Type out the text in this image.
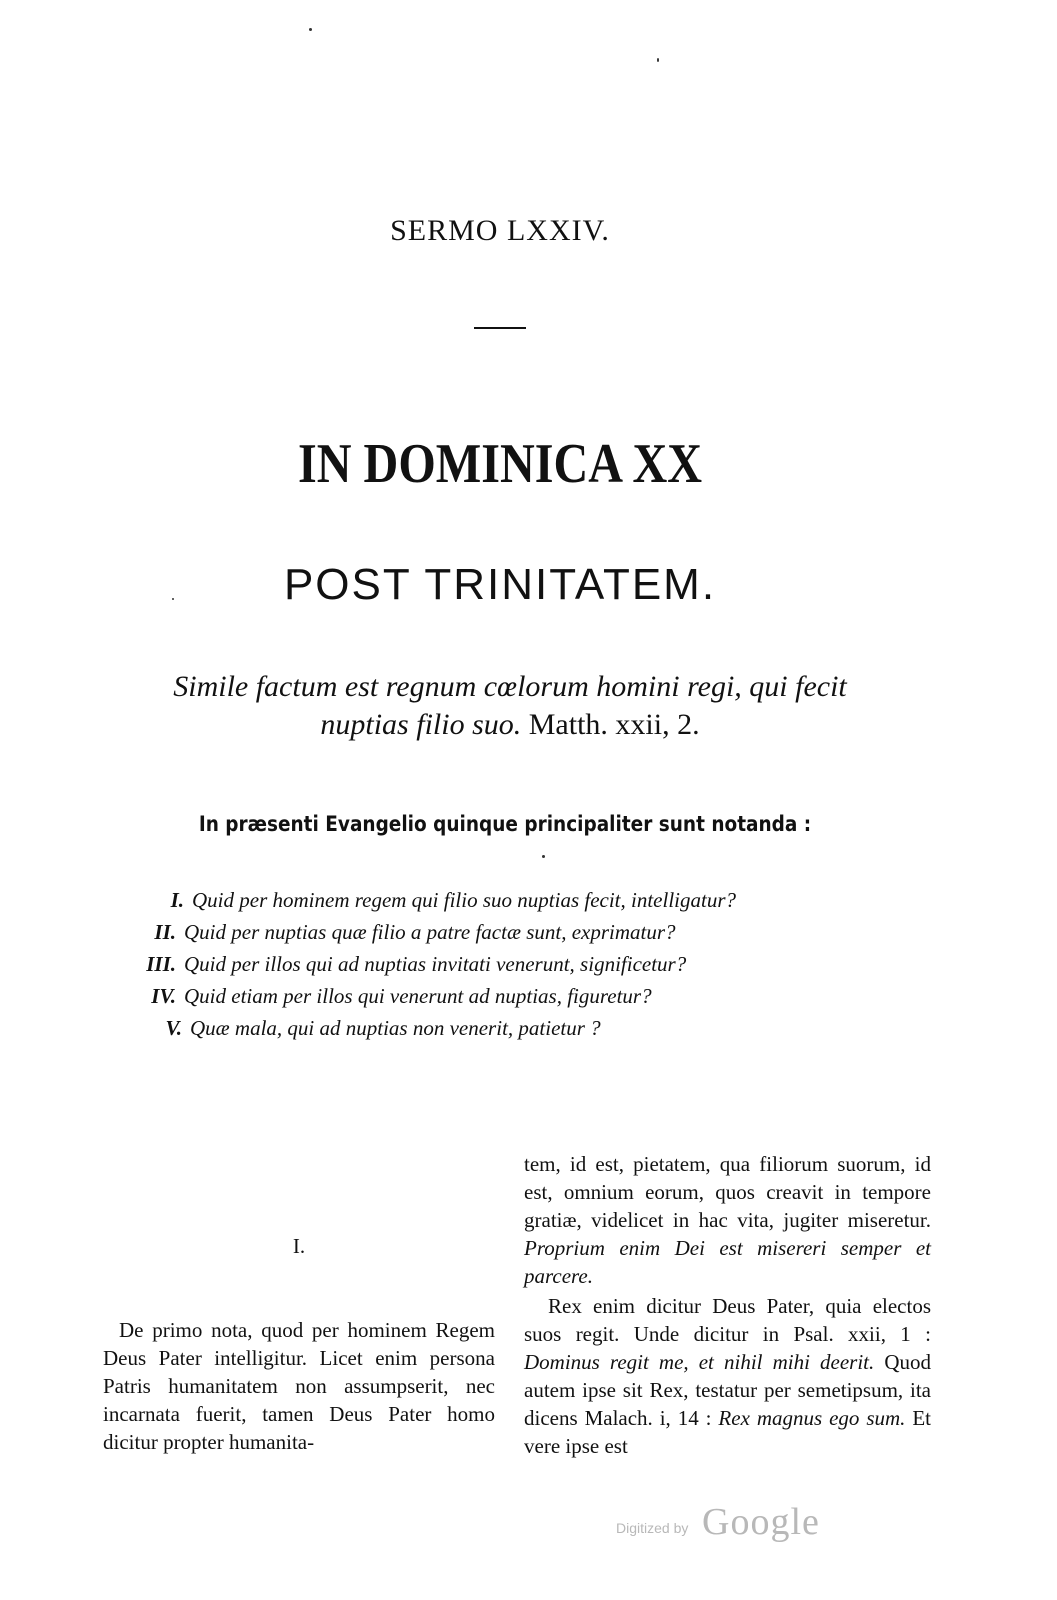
SERMO LXXIV.
IN DOMINICA XX
POST TRINITATEM.
Simile factum est regnum cœlorum homini regi, qui fecit
nuptias filio suo. Matth. xxii, 2.
In præsenti Evangelio quinque principaliter sunt notanda :
I. Quid per hominem regem qui filio suo nuptias fecit, intelligatur?
II. Quid per nuptias quæ filio a patre factæ sunt, exprimatur?
III. Quid per illos qui ad nuptias invitati venerunt, significetur?
IV. Quid etiam per illos qui venerunt ad nuptias, figuretur?
V. Quæ mala, qui ad nuptias non venerit, patietur ?
I.
De primo nota, quod per hominem Regem Deus Pater intelligitur. Licet enim persona Patris humanitatem non assumpserit, nec incarnata fuerit, tamen Deus Pater homo dicitur propter humanita-

tem, id est, pietatem, qua filiorum suorum, id est, omnium eorum, quos creavit in tempore gratiæ, videlicet in hac vita, jugiter miseretur. Proprium enim Dei est misereri semper et parcere.

Rex enim dicitur Deus Pater, quia electos suos regit. Unde dicitur in Psal. xxii, 1 : Dominus regit me, et nihil mihi deerit. Quod autem ipse sit Rex, testatur per semetipsum, ita dicens Malach. i, 14 : Rex magnus ego sum. Et vere ipse est

Digitized by Google
